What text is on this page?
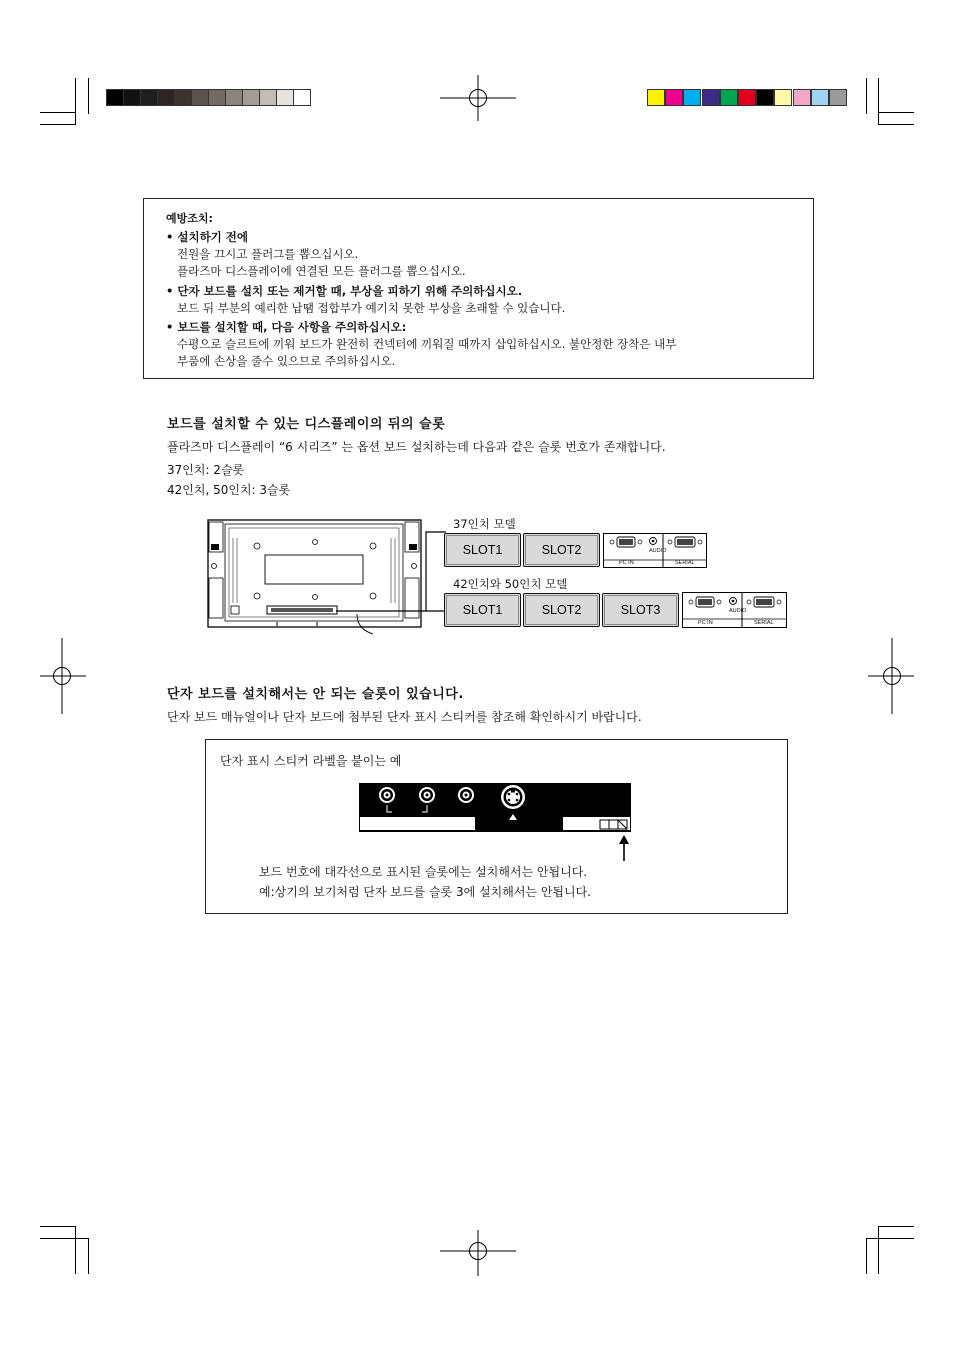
예방조치:
• 설치하기 전에
전원을 끄시고 플러그를 뽑으십시오.
플라즈마 디스플레이에 연결된 모든 플러그를 뽑으십시오.
• 단자 보드를 설치 또는 제거할 때, 부상을 피하기 위해 주의하십시오.
보드 뒤 부분의 예리한 납땜 접합부가 예기치 못한 부상을 초래할 수 있습니다.
• 보드를 설치할 때, 다음 사항을 주의하십시오:
수평으로 슬르트에 끼워 보드가 완전히 컨넥터에 끼워질 때까지 삽입하십시오. 불안정한 장착은 내부
부품에 손상을 줄수 있으므로 주의하십시오.
보드를 설치할 수 있는 디스플레이의 뒤의 슬롯
플라즈마 디스플레이 “6 시리즈” 는 옵션 보드 설치하는데 다음과 같은 슬롯 번호가 존재합니다.
37인치: 2슬롯
42인치, 50인치: 3슬롯
37인치 모델
SLOT1	SLOT2	AUDIO
PC IN	SERIAL
42인치와 50인치 모델
SLOT1	SLOT2	SLOT3	AUDIO
PC IN	SERIAL
단자 보드를 설치해서는 안 되는 슬롯이 있습니다.
단자 보드 매뉴얼이나 단자 보드에 첨부된 단자 표시 스티커를 참조해 확인하시기 바랍니다.
단자 표시 스티커 라벨을 붙이는 예
보드 번호에 대각선으로 표시된 슬롯에는 설치해서는 안됩니다.
예:상기의 보기처럼 단자 보드를 슬롯 3에 설치해서는 안됩니다.
